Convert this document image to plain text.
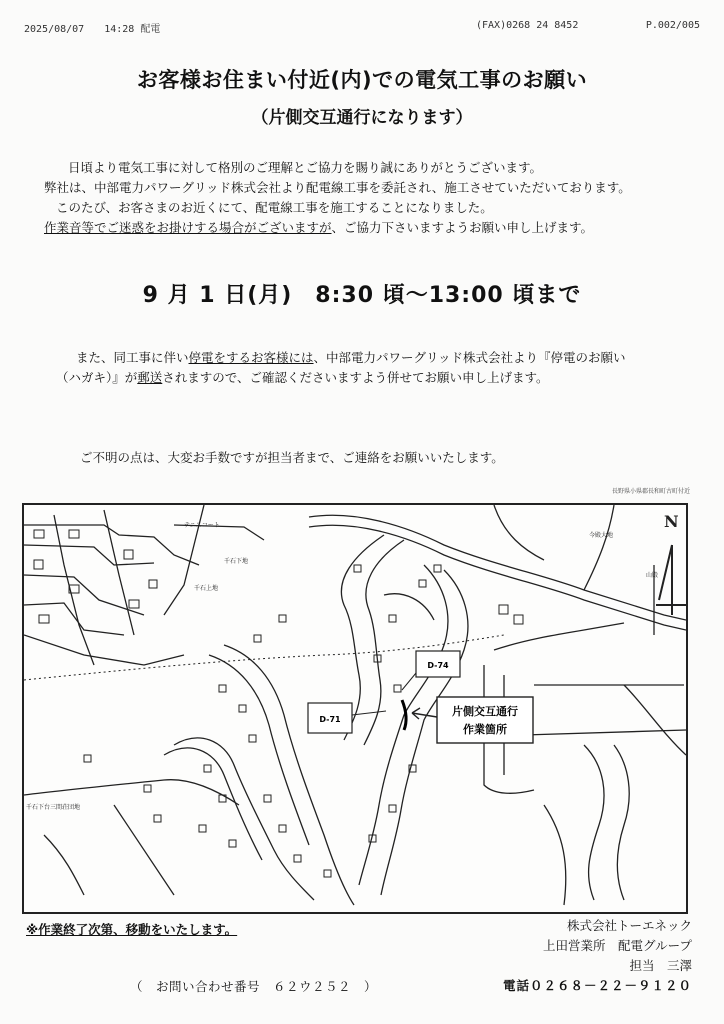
2025/08/07　　14:28 配電	(FAX)0268 24 8452	P.002/005
お客様お住まい付近(内)での電気工事のお願い
（片側交互通行になります）

日頃より電気工事に対して格別のご理解とご協力を賜り誠にありがとうございます。

弊社は、中部電力パワーグリッド株式会社より配電線工事を委託され、施工させていただいております。

このたび、お客さまのお近くにて、配電線工事を施工することになりました。

作業音等でご迷惑をお掛けする場合がございますが、ご協力下さいますようお願い申し上げます。

9 月 1 日(月)　8:30 頃～13:00 頃まで

また、同工事に伴い停電をするお客様には、中部電力パワーグリッド株式会社より『停電のお願い

（ハガキ）』が郵送されますので、ご確認くださいますよう併せてお願い申し上げます。

ご不明の点は、大変お手数ですが担当者まで、ご連絡をお願いいたします。

長野県小県郡長和町古町付近
テニスコート
千石下地
千石上地
今殿大地
山殿
千石下台三間荘団地
N
D-74
D-71
片側交互通行
作業箇所
※作業終了次第、移動をいたします。	株式会社トーエネック
上田営業所　配電グループ
担当　三澤
電話０２６８－２２－９１２０
（　お問い合わせ番号　６２ウ２５２　）
